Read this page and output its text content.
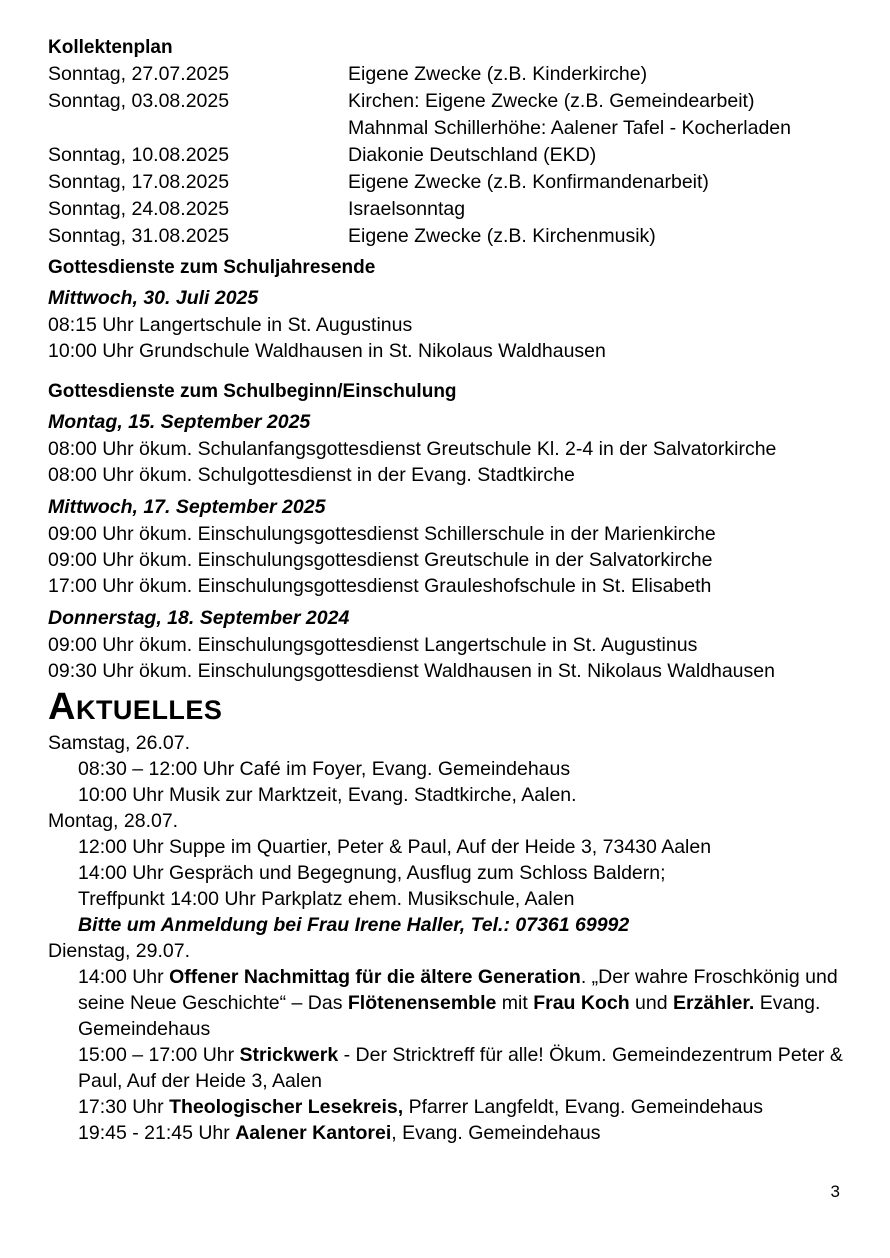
Kollektenplan
Sonntag, 27.07.2025	Eigene Zwecke (z.B. Kinderkirche)
Sonntag, 03.08.2025	Kirchen: Eigene Zwecke (z.B. Gemeindearbeit)
Mahnmal Schillerhöhe: Aalener Tafel - Kocherladen
Sonntag, 10.08.2025	Diakonie Deutschland (EKD)
Sonntag, 17.08.2025	Eigene Zwecke (z.B. Konfirmandenarbeit)
Sonntag, 24.08.2025	Israelsonntag
Sonntag, 31.08.2025	Eigene Zwecke (z.B. Kirchenmusik)
Gottesdienste zum Schuljahresende
Mittwoch, 30. Juli 2025
08:15 Uhr Langertschule in St. Augustinus
10:00 Uhr Grundschule Waldhausen in St. Nikolaus Waldhausen
Gottesdienste zum Schulbeginn/Einschulung
Montag, 15. September 2025
08:00 Uhr ökum. Schulanfangsgottesdienst Greutschule Kl. 2-4 in der Salvatorkirche
08:00 Uhr ökum. Schulgottesdienst in der Evang. Stadtkirche
Mittwoch, 17. September 2025
09:00 Uhr ökum. Einschulungsgottesdienst Schillerschule in der Marienkirche
09:00 Uhr ökum. Einschulungsgottesdienst Greutschule in der Salvatorkirche
17:00 Uhr ökum. Einschulungsgottesdienst Grauleshofschule in St. Elisabeth
Donnerstag, 18. September 2024
09:00 Uhr ökum. Einschulungsgottesdienst Langertschule in St. Augustinus
09:30 Uhr ökum. Einschulungsgottesdienst Waldhausen in St. Nikolaus Waldhausen
Aktuelles
Samstag, 26.07.
08:30 – 12:00 Uhr Café im Foyer, Evang. Gemeindehaus
10:00 Uhr Musik zur Marktzeit, Evang. Stadtkirche, Aalen.
Montag, 28.07.
12:00 Uhr Suppe im Quartier, Peter & Paul, Auf der Heide 3, 73430 Aalen
14:00 Uhr Gespräch und Begegnung, Ausflug zum Schloss Baldern;
Treffpunkt 14:00 Uhr Parkplatz ehem. Musikschule, Aalen
Bitte um Anmeldung bei Frau Irene Haller, Tel.: 07361 69992
Dienstag, 29.07.
14:00 Uhr Offener Nachmittag für die ältere Generation. „Der wahre Froschkönig und seine Neue Geschichte“ – Das Flötenensemble mit Frau Koch und Erzähler. Evang. Gemeindehaus
15:00 – 17:00 Uhr Strickwerk - Der Stricktreff für alle! Ökum. Gemeindezentrum Peter & Paul, Auf der Heide 3, Aalen
17:30 Uhr Theologischer Lesekreis, Pfarrer Langfeldt, Evang. Gemeindehaus
19:45 - 21:45 Uhr Aalener Kantorei, Evang. Gemeindehaus
3
